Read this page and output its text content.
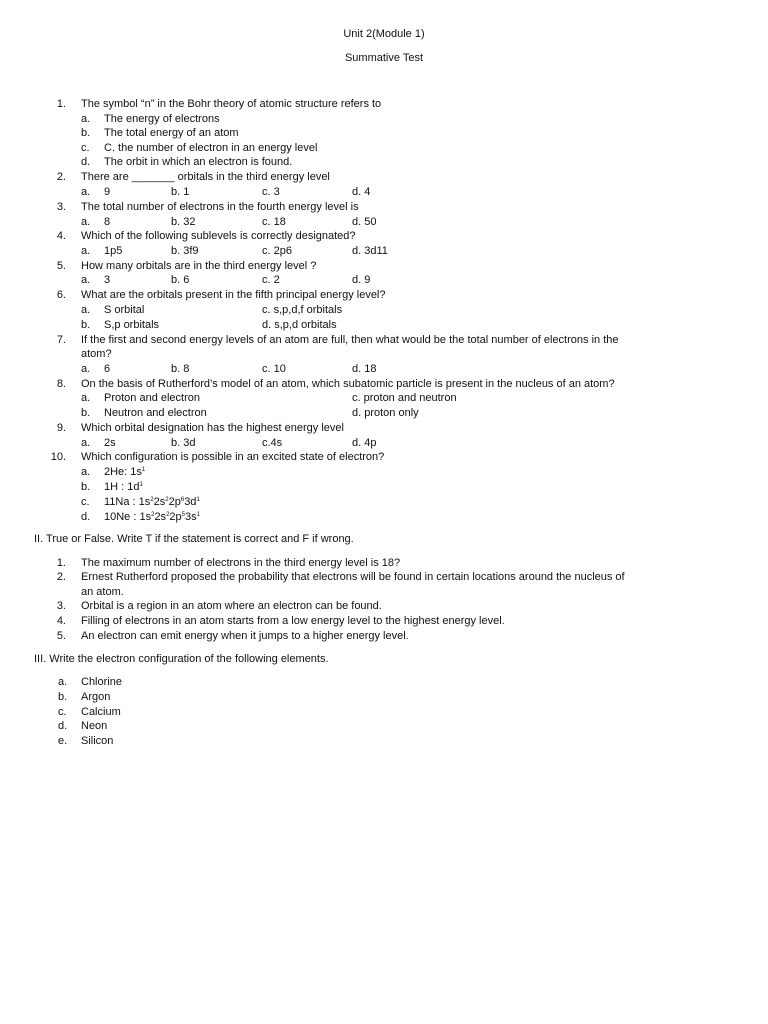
Unit 2(Module 1)
Summative Test
1. The symbol “n” in the Bohr theory of atomic structure refers to
a. The energy of electrons
b. The total energy of an atom
c. C. the number of electron in an energy level
d. The orbit in which an electron is found.
2. There are _______ orbitals in the third energy level
a. 9	b. 1	c. 3	d. 4
3. The total number of electrons in the fourth energy level is
a. 8	b. 32	c. 18	d. 50
4. Which of the following sublevels is correctly designated?
a. 1p5	b. 3f9	c. 2p6	d. 3d11
5. How many orbitals are in the third energy level ?
a. 3	b. 6	c. 2	d. 9
6. What are the orbitals present in the fifth principal energy level?
a. S orbital	c. s,p,d,f orbitals
b. S,p orbitals	d. s,p,d orbitals
7. If the first and second energy levels of an atom are full, then what would be the total number of electrons in the
atom?
a. 6	b. 8	c. 10	d. 18
8. On the basis of Rutherford’s model of an atom, which subatomic particle is present in the nucleus of an atom?
a. Proton and electron	c. proton and neutron
b. Neutron and electron	d. proton only
9. Which orbital designation has the highest energy level
a. 2s	b. 3d	c.4s	d. 4p
10. Which configuration is possible in an excited state of electron?
a. 2He: $1s^1$
b. 1H : $1d^1$
c. 11Na : $1s^22s^22p^63d^1$
d. 10Ne : $1s^22s^22p^53s^1$
II. True or False. Write T if the statement is correct and F if wrong.
1. The maximum number of electrons in the third energy level is 18?
2. Ernest Rutherford proposed the probability that electrons will be found in certain locations around the nucleus of
an atom.
3. Orbital is a region in an atom where an electron can be found.
4. Filling of electrons in an atom starts from a low energy level to the highest energy level.
5. An electron can emit energy when it jumps to a higher energy level.
III. Write the electron configuration of the following elements.
a. Chlorine
b. Argon
c. Calcium
d. Neon
e. Silicon
